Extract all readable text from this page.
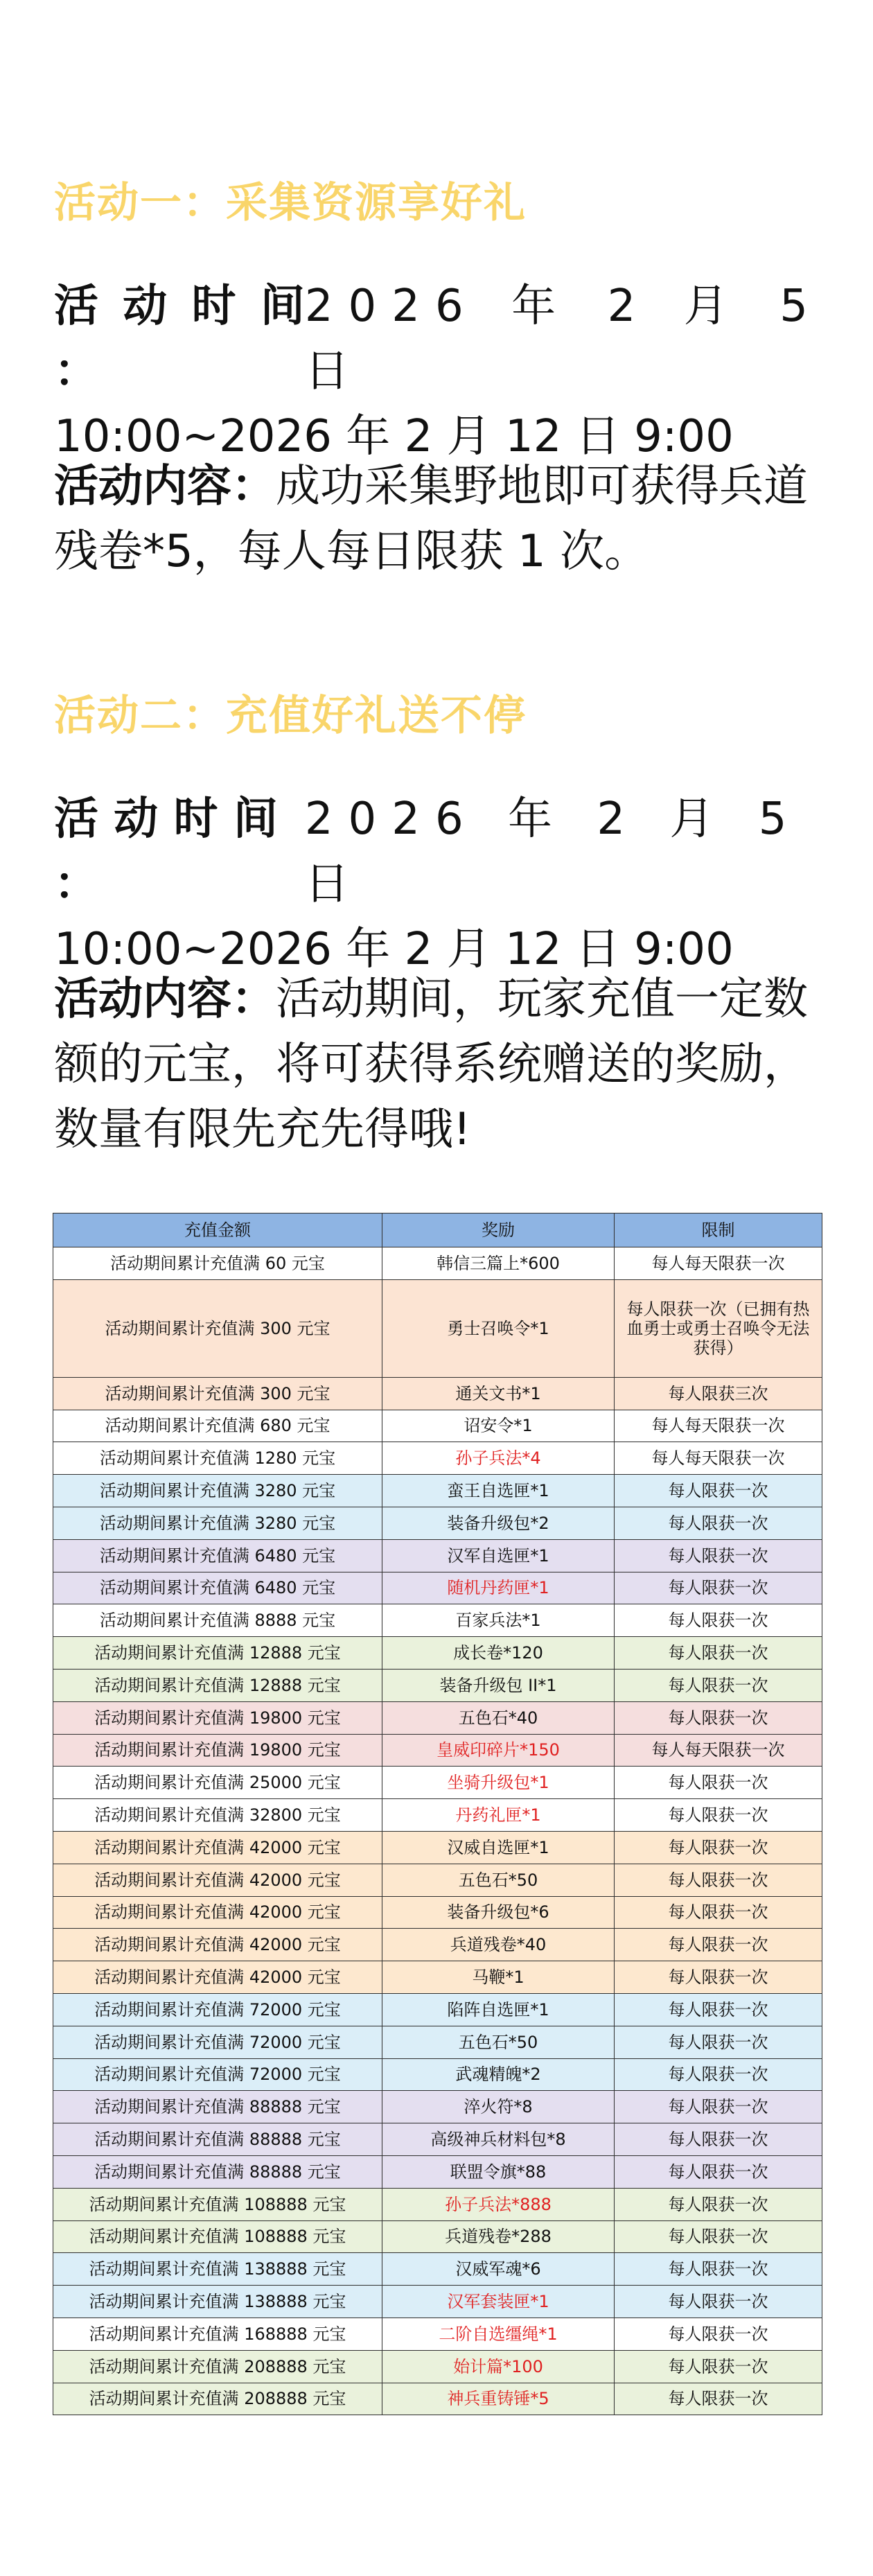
活动一：采集资源享好礼
活 动 时 间 ：
2026 年 2 月 5 日
10:00~2026 年 2 月 12 日 9:00
活动内容：成功采集野地即可获得兵道残卷*5，每人每日限获 1 次。
活动二：充值好礼送不停
活 动 时 间 ：
2026 年 2 月 5 日
10:00~2026 年 2 月 12 日 9:00
活动内容：活动期间，玩家充值一定数额的元宝，将可获得系统赠送的奖励，数量有限先充先得哦!
充值金额	奖励	限制
活动期间累计充值满 60 元宝	韩信三篇上*600	每人每天限获一次
活动期间累计充值满 300 元宝	勇士召唤令*1	每人限获一次（已拥有热血勇士或勇士召唤令无法获得）
活动期间累计充值满 300 元宝	通关文书*1	每人限获三次
活动期间累计充值满 680 元宝	诏安令*1	每人每天限获一次
活动期间累计充值满 1280 元宝	孙子兵法*4	每人每天限获一次
活动期间累计充值满 3280 元宝	蛮王自选匣*1	每人限获一次
活动期间累计充值满 3280 元宝	装备升级包*2	每人限获一次
活动期间累计充值满 6480 元宝	汉军自选匣*1	每人限获一次
活动期间累计充值满 6480 元宝	随机丹药匣*1	每人限获一次
活动期间累计充值满 8888 元宝	百家兵法*1	每人限获一次
活动期间累计充值满 12888 元宝	成长卷*120	每人限获一次
活动期间累计充值满 12888 元宝	装备升级包 II*1	每人限获一次
活动期间累计充值满 19800 元宝	五色石*40	每人限获一次
活动期间累计充值满 19800 元宝	皇威印碎片*150	每人每天限获一次
活动期间累计充值满 25000 元宝	坐骑升级包*1	每人限获一次
活动期间累计充值满 32800 元宝	丹药礼匣*1	每人限获一次
活动期间累计充值满 42000 元宝	汉威自选匣*1	每人限获一次
活动期间累计充值满 42000 元宝	五色石*50	每人限获一次
活动期间累计充值满 42000 元宝	装备升级包*6	每人限获一次
活动期间累计充值满 42000 元宝	兵道残卷*40	每人限获一次
活动期间累计充值满 42000 元宝	马鞭*1	每人限获一次
活动期间累计充值满 72000 元宝	陷阵自选匣*1	每人限获一次
活动期间累计充值满 72000 元宝	五色石*50	每人限获一次
活动期间累计充值满 72000 元宝	武魂精魄*2	每人限获一次
活动期间累计充值满 88888 元宝	淬火符*8	每人限获一次
活动期间累计充值满 88888 元宝	高级神兵材料包*8	每人限获一次
活动期间累计充值满 88888 元宝	联盟令旗*88	每人限获一次
活动期间累计充值满 108888 元宝	孙子兵法*888	每人限获一次
活动期间累计充值满 108888 元宝	兵道残卷*288	每人限获一次
活动期间累计充值满 138888 元宝	汉威军魂*6	每人限获一次
活动期间累计充值满 138888 元宝	汉军套装匣*1	每人限获一次
活动期间累计充值满 168888 元宝	二阶自选缰绳*1	每人限获一次
活动期间累计充值满 208888 元宝	始计篇*100	每人限获一次
活动期间累计充值满 208888 元宝	神兵重铸锤*5	每人限获一次
